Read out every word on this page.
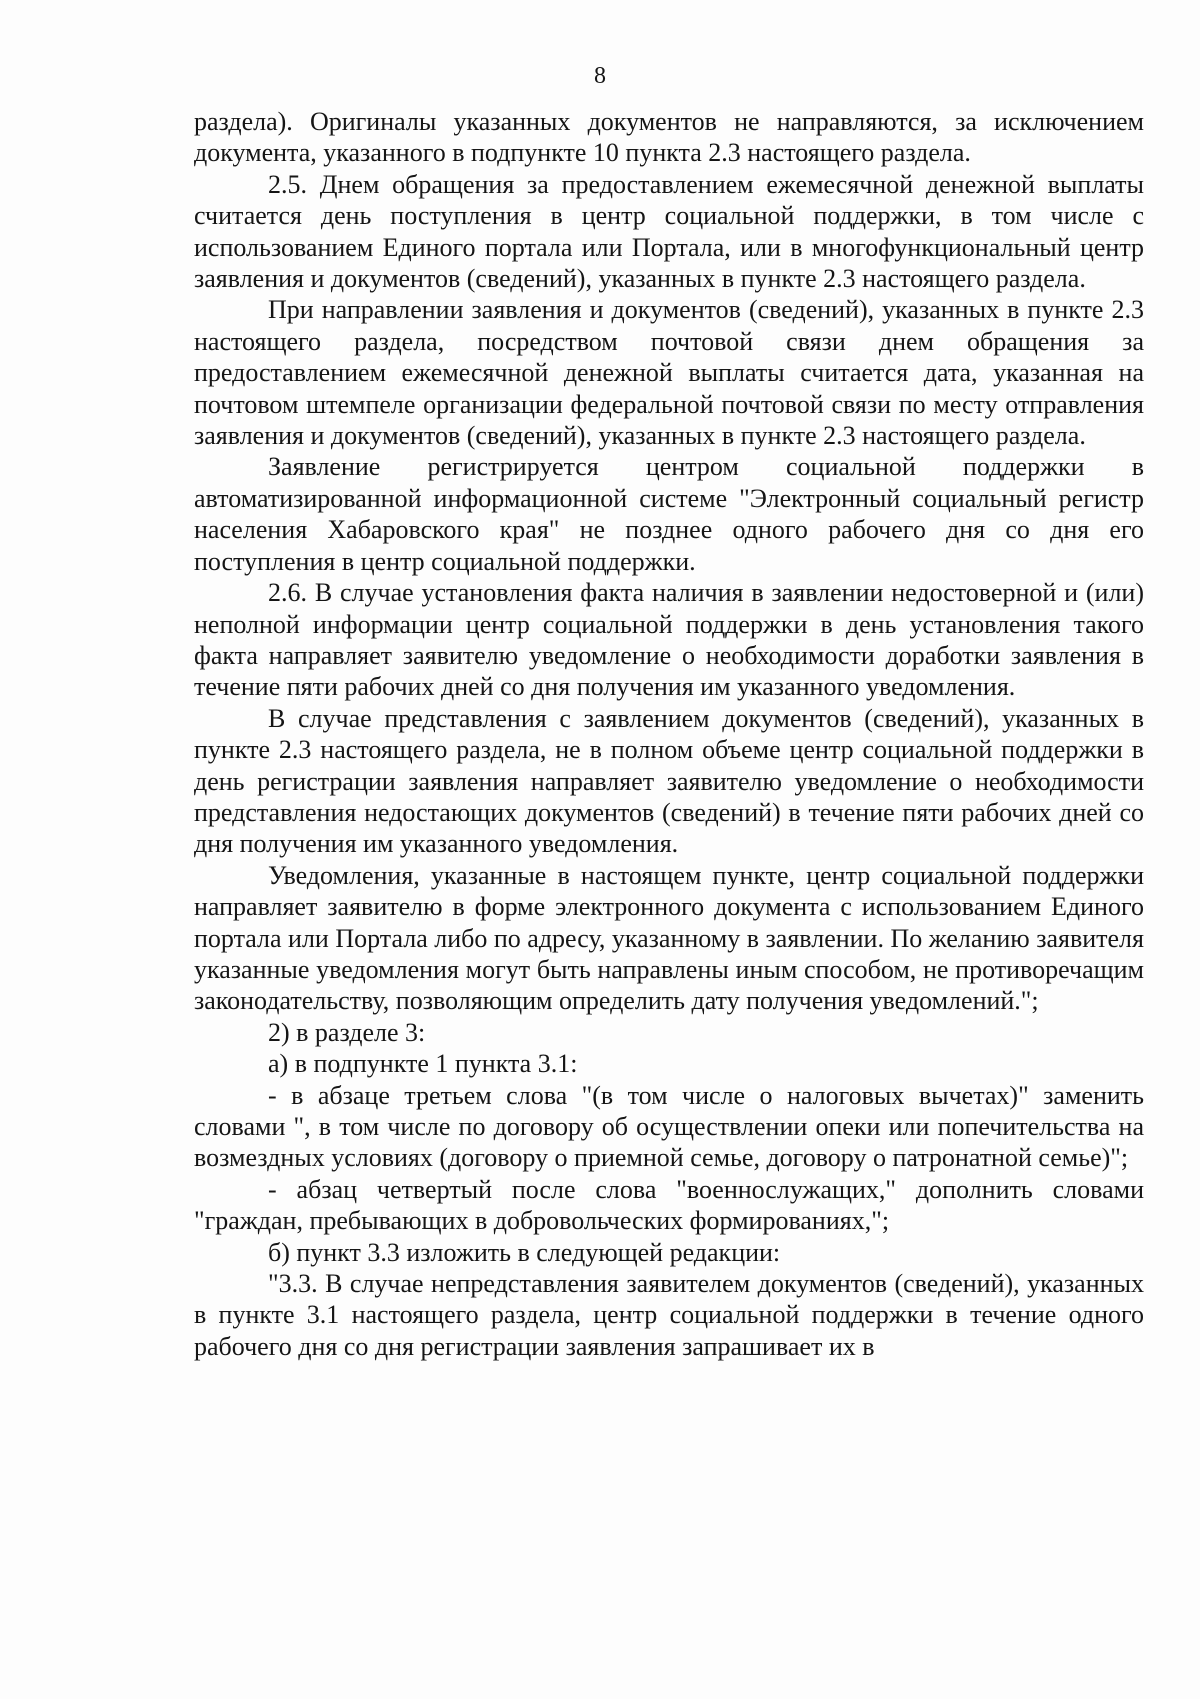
8

раздела). Оригиналы указанных документов не направляются, за исключением документа, указанного в подпункте 10 пункта 2.3 настоящего раздела.

2.5. Днем обращения за предоставлением ежемесячной денежной выплаты считается день поступления в центр социальной поддержки, в том числе с использованием Единого портала или Портала, или в многофункциональный центр заявления и документов (сведений), указанных в пункте 2.3 настоящего раздела.

При направлении заявления и документов (сведений), указанных в пункте 2.3 настоящего раздела, посредством почтовой связи днем обращения за предоставлением ежемесячной денежной выплаты считается дата, указанная на почтовом штемпеле организации федеральной почтовой связи по месту отправления заявления и документов (сведений), указанных в пункте 2.3 настоящего раздела.

Заявление регистрируется центром социальной поддержки в автоматизированной информационной системе "Электронный социальный регистр населения Хабаровского края" не позднее одного рабочего дня со дня его поступления в центр социальной поддержки.

2.6. В случае установления факта наличия в заявлении недостоверной и (или) неполной информации центр социальной поддержки в день установления такого факта направляет заявителю уведомление о необходимости доработки заявления в течение пяти рабочих дней со дня получения им указанного уведомления.

В случае представления с заявлением документов (сведений), указанных в пункте 2.3 настоящего раздела, не в полном объеме центр социальной поддержки в день регистрации заявления направляет заявителю уведомление о необходимости представления недостающих документов (сведений) в течение пяти рабочих дней со дня получения им указанного уведомления.

Уведомления, указанные в настоящем пункте, центр социальной поддержки направляет заявителю в форме электронного документа с использованием Единого портала или Портала либо по адресу, указанному в заявлении. По желанию заявителя указанные уведомления могут быть направлены иным способом, не противоречащим законодательству, позволяющим определить дату получения уведомлений.";

2) в разделе 3:

а) в подпункте 1 пункта 3.1:

- в абзаце третьем слова "(в том числе о налоговых вычетах)" заменить словами ", в том числе по договору об осуществлении опеки или попечительства на возмездных условиях (договору о приемной семье, договору о патронатной семье)";

- абзац четвертый после слова "военнослужащих," дополнить словами "граждан, пребывающих в добровольческих формированиях,";

б) пункт 3.3 изложить в следующей редакции:

"3.3. В случае непредставления заявителем документов (сведений), указанных в пункте 3.1 настоящего раздела, центр социальной поддержки в течение одного рабочего дня со дня регистрации заявления запрашивает их в
